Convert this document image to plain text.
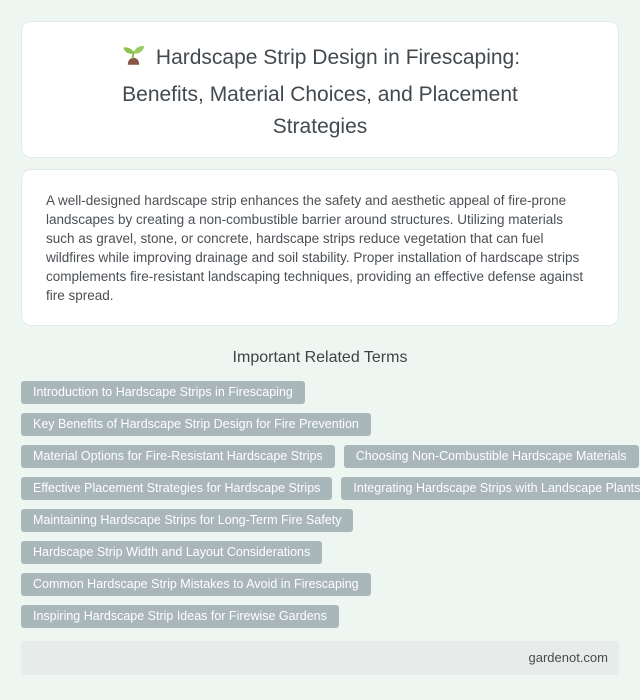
Hardscape Strip Design in Firescaping: Benefits, Material Choices, and Placement Strategies

A well-designed hardscape strip enhances the safety and aesthetic appeal of fire-prone landscapes by creating a non-combustible barrier around structures. Utilizing materials such as gravel, stone, or concrete, hardscape strips reduce vegetation that can fuel wildfires while improving drainage and soil stability. Proper installation of hardscape strips complements fire-resistant landscaping techniques, providing an effective defense against fire spread.

Important Related Terms
Introduction to Hardscape Strips in Firescaping
Key Benefits of Hardscape Strip Design for Fire Prevention
Material Options for Fire-Resistant Hardscape Strips	Choosing Non-Combustible Hardscape Materials
Effective Placement Strategies for Hardscape Strips	Integrating Hardscape Strips with Landscape Plants
Maintaining Hardscape Strips for Long-Term Fire Safety
Hardscape Strip Width and Layout Considerations
Common Hardscape Strip Mistakes to Avoid in Firescaping
Inspiring Hardscape Strip Ideas for Firewise Gardens
gardenot.com
